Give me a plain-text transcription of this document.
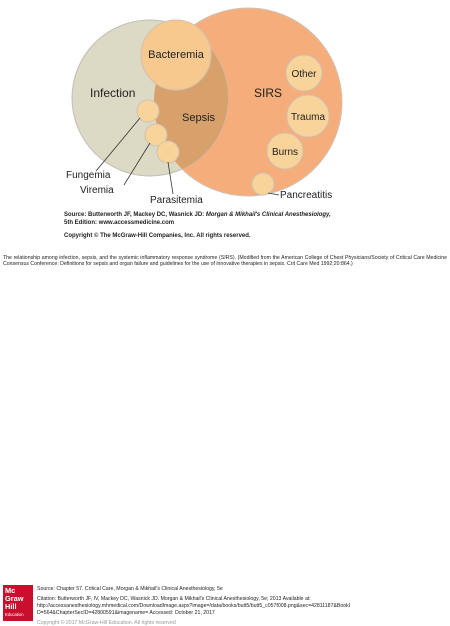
Infection
Bacteremia
SIRS
Sepsis
Other
Trauma
Burns
Pancreatitis
Fungemia
Viremia
Parasitemia
Source: Butterworth JF, Mackey DC, Wasnick JD: Morgan & Mikhail's Clinical Anesthesiology,
5th Edition: www.accessmedicine.com
Copyright © The McGraw-Hill Companies, Inc. All rights reserved.
The relationship among infection, sepsis, and the systemic inflammatory response syndrome (SIRS). (Modified from the American College of Chest Physicians/Society of Critical Care Medicine Consensus Conference: Definitions for sepsis and organ failure and guidelines for the use of innovative therapies in sepsis. Crit Care Med 1992;20:864.)
Mc
Graw
Hill
Education
Source: Chapter 57. Critical Care, Morgan & Mikhail's Clinical Anesthesiology, 5e
Citation: Butterworth JF, IV, Mackey DC, Wasnick JD. Morgan & Mikhail's Clinical Anesthesiology, 5e; 2013 Available at:
http://accessanesthesiology.mhmedical.com/DownloadImage.aspx?image=/data/books/butt5/butt5_c057f008.png&sec=42811187&BookI
D=564&ChapterSecID=42800591&imagename= Accessed: October 21, 2017
Copyright © 2017 McGraw-Hill Education. All rights reserved
